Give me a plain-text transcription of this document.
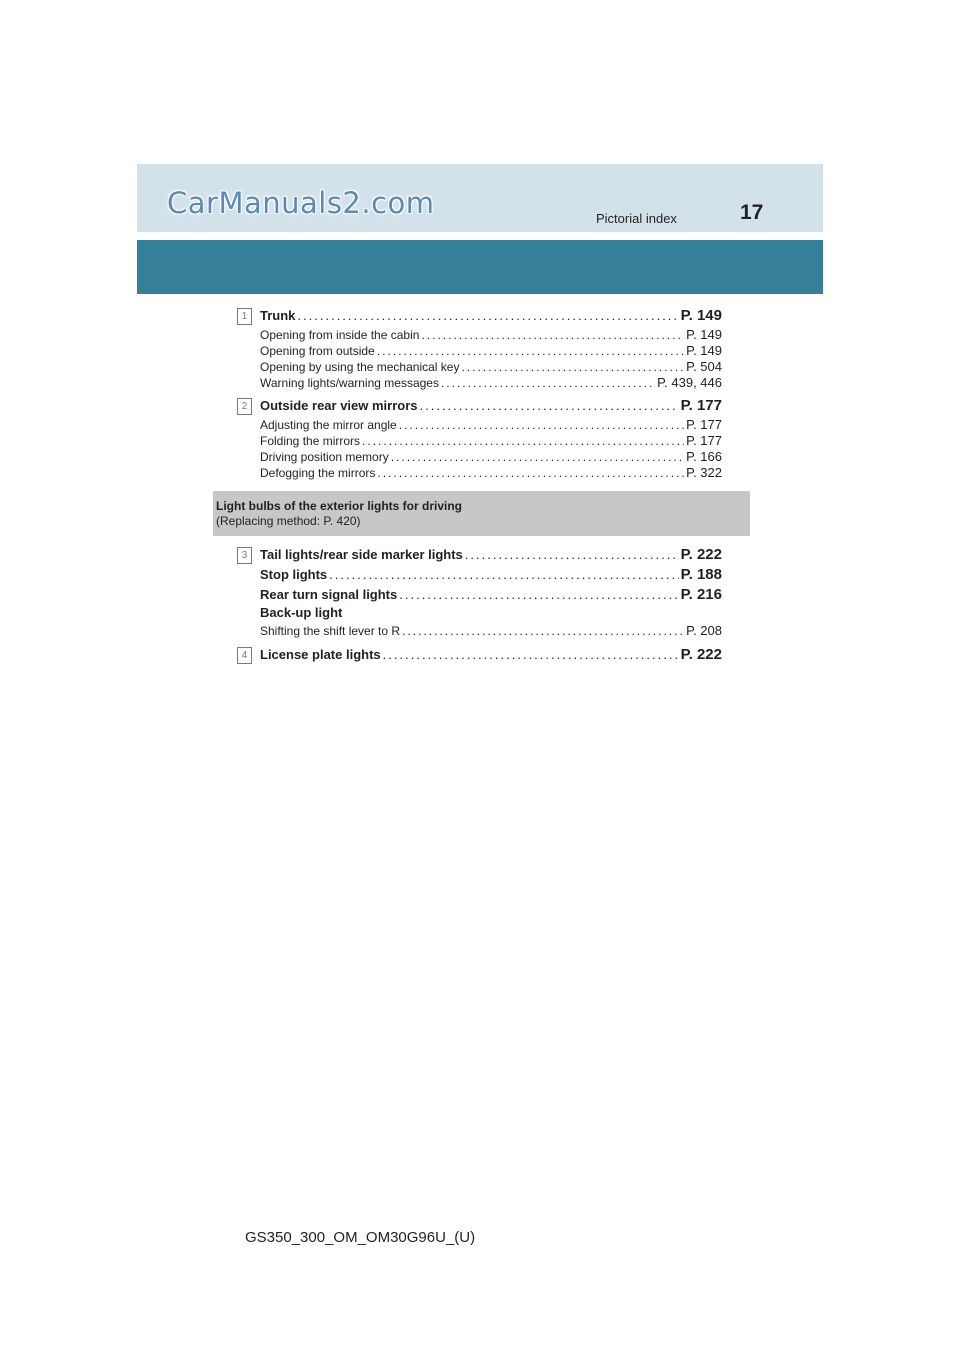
CarManuals2.com	Pictorial index	17
1 Trunk .....	P. 149
Opening from inside the cabin .....	P. 149
Opening from outside .....	P. 149
Opening by using the mechanical key .....	P. 504
Warning lights/warning messages .....	P. 439, 446
2 Outside rear view mirrors .....	P. 177
Adjusting the mirror angle .....	P. 177
Folding the mirrors .....	P. 177
Driving position memory .....	P. 166
Defogging the mirrors .....	P. 322
Light bulbs of the exterior lights for driving
(Replacing method: P. 420)
3 Tail lights/rear side marker lights .....	P. 222
Stop lights .....	P. 188
Rear turn signal lights .....	P. 216
Back-up light
Shifting the shift lever to R .....	P. 208
4 License plate lights .....	P. 222
GS350_300_OM_OM30G96U_(U)
